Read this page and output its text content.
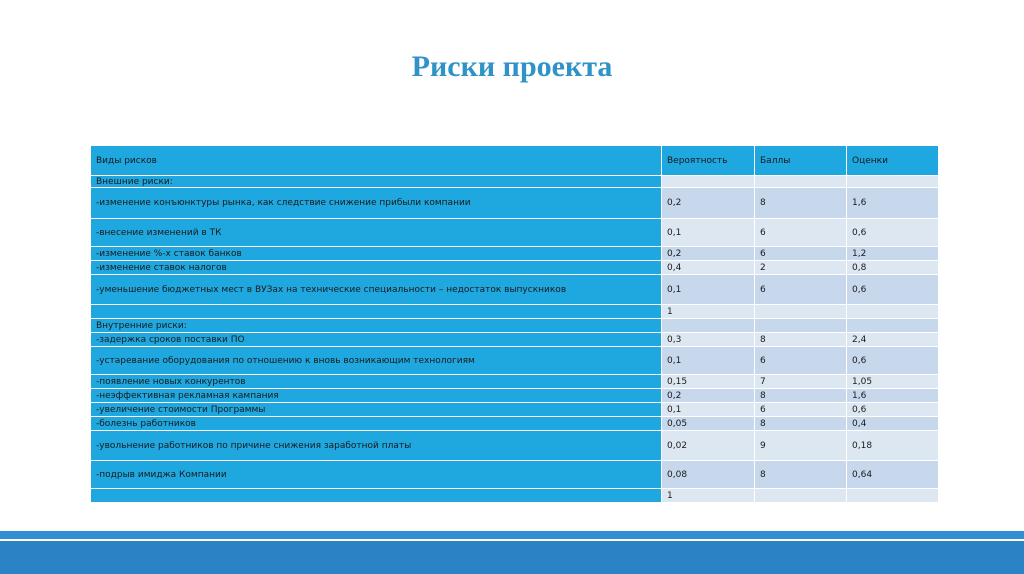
Риски проекта
Виды рисков	Вероятность	Баллы	Оценки
Внешние риски:			
-изменение конъюнктуры рынка, как следствие снижение прибыли компании	0,2	8	1,6
-внесение изменений в ТК	0,1	6	0,6
-изменение %-х ставок банков	0,2	6	1,2
-изменение ставок налогов	0,4	2	0,8
-уменьшение бюджетных мест в ВУЗах на технические специальности – недостаток выпускников	0,1	6	0,6
	1		
Внутренние риски:			
-задержка сроков поставки ПО	0,3	8	2,4
-устаревание оборудования по отношению к вновь возникающим технологиям	0,1	6	0,6
-появление новых конкурентов	0,15	7	1,05
-неэффективная рекламная кампания	0,2	8	1,6
-увеличение стоимости Программы	0,1	6	0,6
-болезнь работников	0,05	8	0,4
-увольнение работников по причине снижения заработной платы	0,02	9	0,18
-подрыв имиджа Компании	0,08	8	0,64
	1		
